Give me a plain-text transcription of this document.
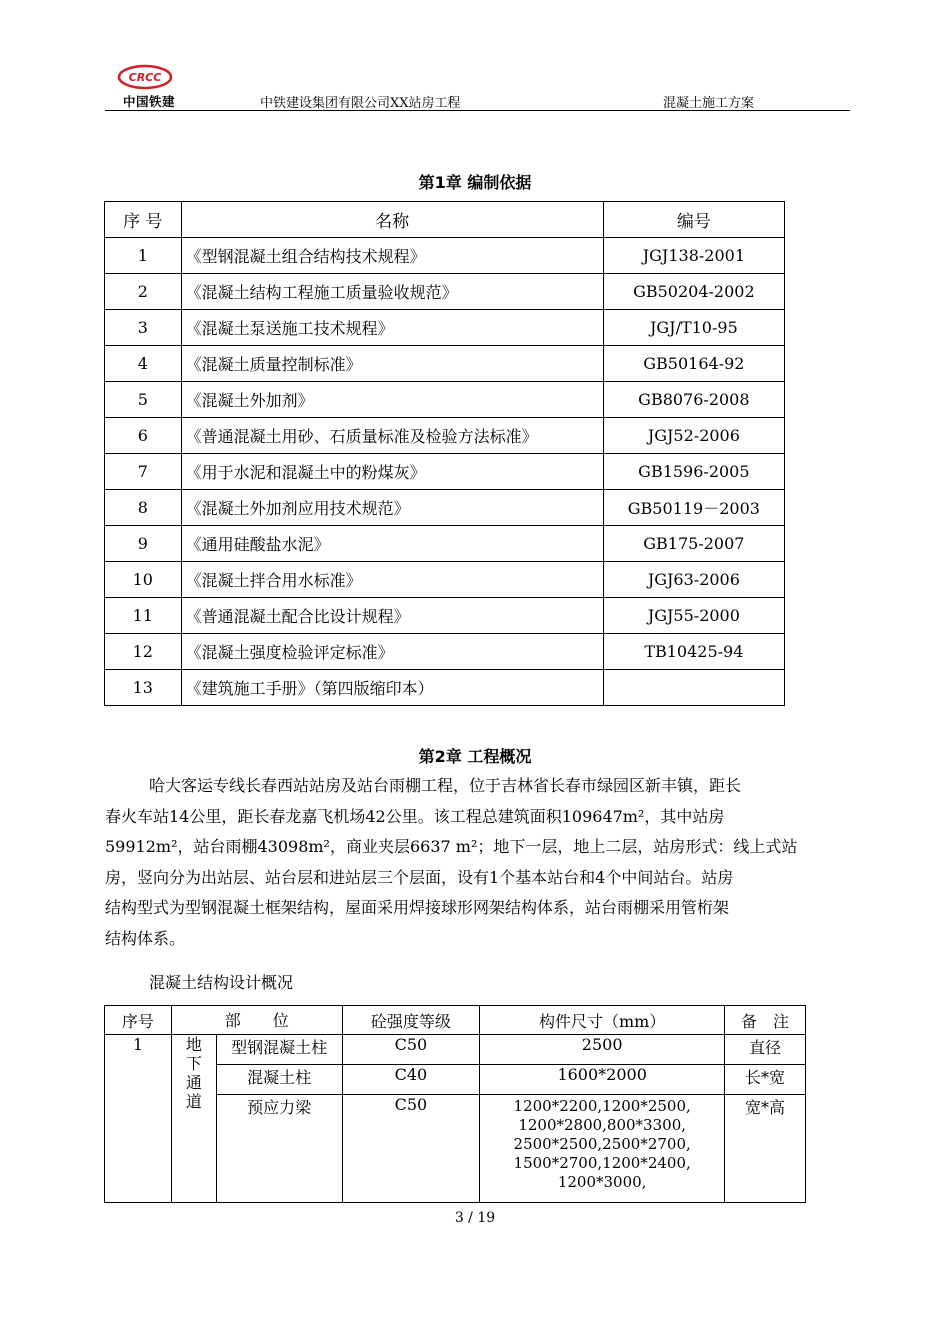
CRCC
中国铁建	中铁建设集团有限公司XX站房工程	混凝土施工方案
第1章 编制依据
序 号	名称	编号
1	《型钢混凝土组合结构技术规程》	JGJ138-2001
2	《混凝土结构工程施工质量验收规范》	GB50204-2002
3	《混凝土泵送施工技术规程》	JGJ/T10-95
4	《混凝土质量控制标准》	GB50164-92
5	《混凝土外加剂》	GB8076-2008
6	《普通混凝土用砂、石质量标准及检验方法标准》	JGJ52-2006
7	《用于水泥和混凝土中的粉煤灰》	GB1596-2005
8	《混凝土外加剂应用技术规范》	GB50119－2003
9	《通用硅酸盐水泥》	GB175-2007
10	《混凝土拌合用水标准》	JGJ63-2006
11	《普通混凝土配合比设计规程》	JGJ55-2000
12	《混凝土强度检验评定标准》	TB10425-94
13	《建筑施工手册》（第四版缩印本）	
第2章 工程概况
哈大客运专线长春西站站房及站台雨棚工程，位于吉林省长春市绿园区新丰镇，距长
春火车站14公里，距长春龙嘉飞机场42公里。该工程总建筑面积109647m²，其中站房
59912m²，站台雨棚43098m²，商业夹层6637 m²；地下一层，地上二层，站房形式：线上式站
房，竖向分为出站层、站台层和进站层三个层面，设有1个基本站台和4个中间站台。站房
结构型式为型钢混凝土框架结构，屋面采用焊接球形网架结构体系，站台雨棚采用管桁架
结构体系。
混凝土结构设计概况
序号	部　　位		砼强度等级	构件尺寸（mm）	备　注
1	地下通道	型钢混凝土柱	C50	2500	直径
		混凝土柱	C40	1600*2000	长*宽
		预应力梁	C50	1200*2200,1200*2500,
1200*2800,800*3300,
2500*2500,2500*2700,
1500*2700,1200*2400,
1200*3000,	宽*高
3 / 19
